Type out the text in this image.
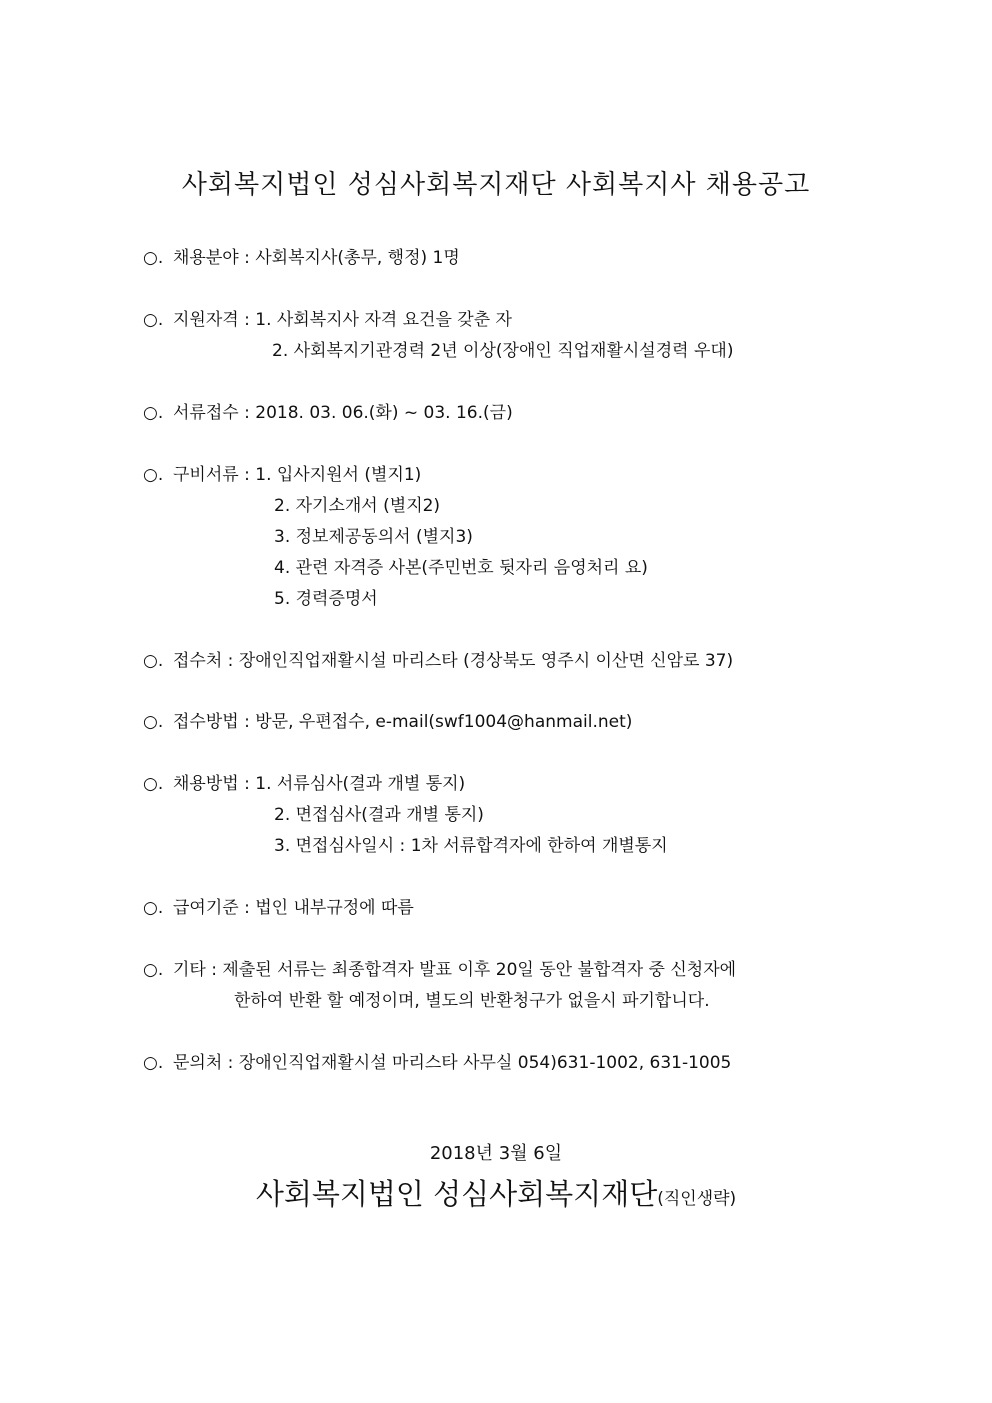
사회복지법인 성심사회복지재단 사회복지사 채용공고
○. 채용분야 : 사회복지사(총무, 행정) 1명
○. 지원자격 : 1. 사회복지사 자격 요건을 갖춘 자
2. 사회복지기관경력 2년 이상(장애인 직업재활시설경력 우대)
○. 서류접수 : 2018. 03. 06.(화) ~ 03. 16.(금)
○. 구비서류 : 1. 입사지원서 (별지1)
2. 자기소개서 (별지2)
3. 정보제공동의서 (별지3)
4. 관련 자격증 사본(주민번호 뒷자리 음영처리 요)
5. 경력증명서
○. 접수처 : 장애인직업재활시설 마리스타 (경상북도 영주시 이산면 신암로 37)
○. 접수방법 : 방문, 우편접수, e-mail(swf1004@hanmail.net)
○. 채용방법 : 1. 서류심사(결과 개별 통지)
2. 면접심사(결과 개별 통지)
3. 면접심사일시 : 1차 서류합격자에 한하여 개별통지
○. 급여기준 : 법인 내부규정에 따름
○. 기타 : 제출된 서류는 최종합격자 발표 이후 20일 동안 불합격자 중 신청자에
한하여 반환 할 예정이며, 별도의 반환청구가 없을시 파기합니다.
○. 문의처 : 장애인직업재활시설 마리스타 사무실 054)631-1002, 631-1005
2018년 3월 6일
사회복지법인 성심사회복지재단(직인생략)
